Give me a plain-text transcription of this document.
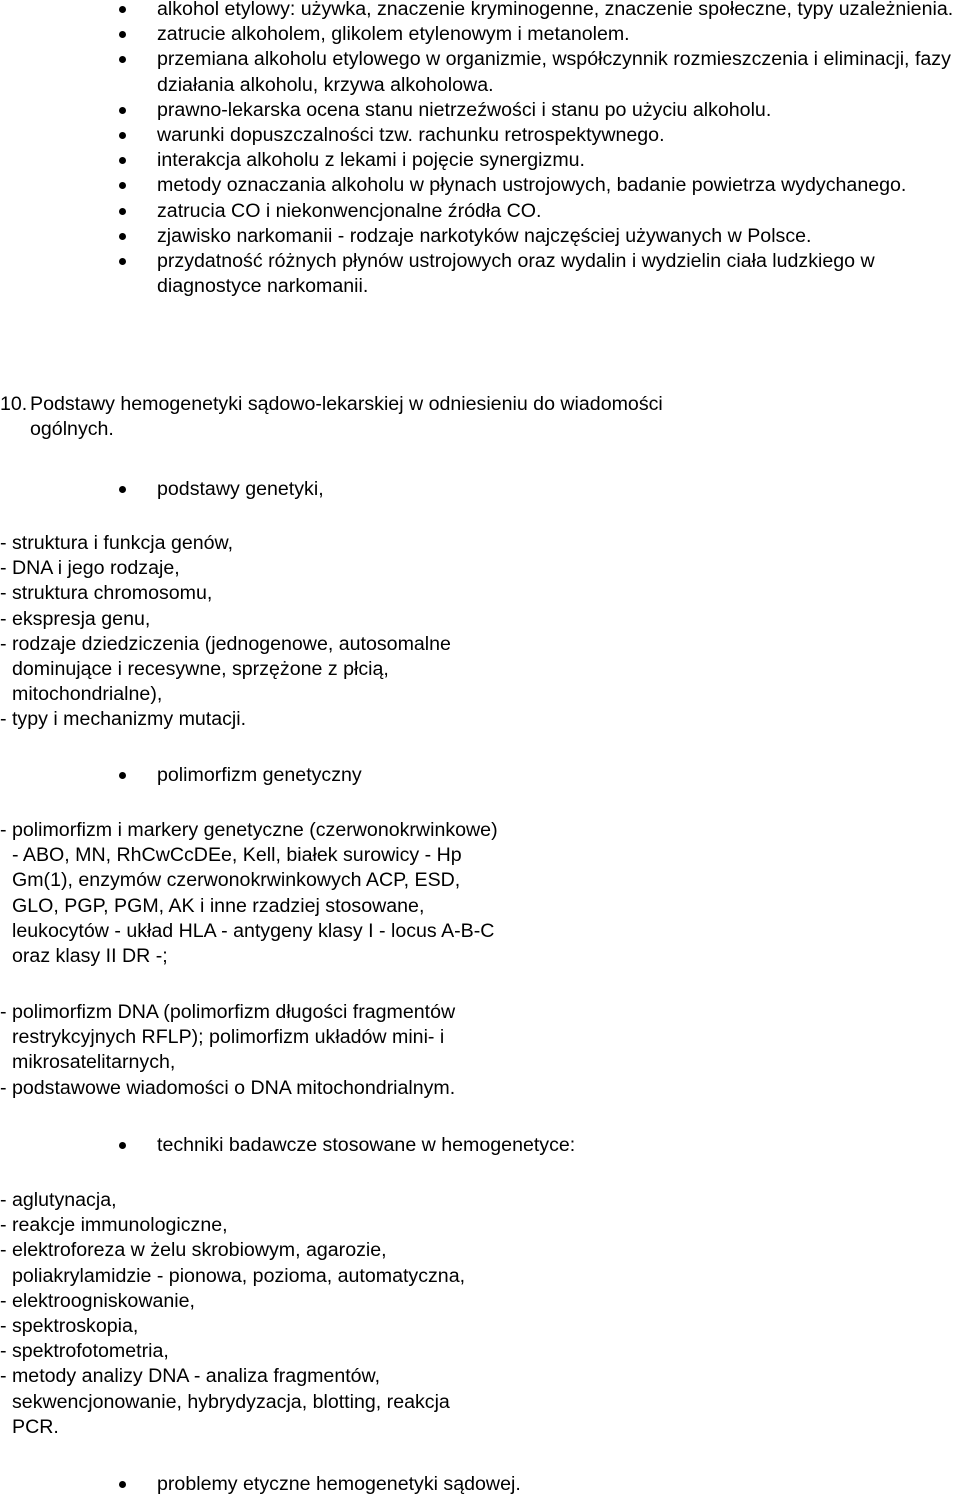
alkohol etylowy: używka, znaczenie kryminogenne, znaczenie społeczne, typy uzależnienia.
zatrucie alkoholem, glikolem etylenowym i metanolem.
przemiana alkoholu etylowego w organizmie, współczynnik rozmieszczenia i eliminacji, fazy działania alkoholu, krzywa alkoholowa.
prawno-lekarska ocena stanu nietrzeźwości i stanu po użyciu alkoholu.
warunki dopuszczalności tzw. rachunku retrospektywnego.
interakcja alkoholu z lekami i pojęcie synergizmu.
metody oznaczania alkoholu w płynach ustrojowych, badanie powietrza wydychanego.
zatrucia CO i niekonwencjonalne źródła CO.
zjawisko narkomanii - rodzaje narkotyków najczęściej używanych w Polsce.
przydatność różnych płynów ustrojowych oraz wydalin i wydzielin ciała ludzkiego w diagnostyce narkomanii.
10. Podstawy hemogenetyki sądowo-lekarskiej w odniesieniu do wiadomości
ogólnych.
podstawy genetyki,
- struktura i funkcja genów,
- DNA i jego rodzaje,
- struktura chromosomu,
- ekspresja genu,
- rodzaje dziedziczenia (jednogenowe, autosomalne
dominujące i recesywne, sprzężone z płcią,
mitochondrialne),
- typy i mechanizmy mutacji.
polimorfizm genetyczny
- polimorfizm i markery genetyczne (czerwonokrwinkowe)
- ABO, MN, RhCwCcDEe, Kell, białek surowicy - Hp
Gm(1), enzymów czerwonokrwinkowych ACP, ESD,
GLO, PGP, PGM, AK i inne rzadziej stosowane,
leukocytów - układ HLA - antygeny klasy I - locus A-B-C
oraz klasy II DR -;
- polimorfizm DNA (polimorfizm długości fragmentów
restrykcyjnych RFLP); polimorfizm układów mini- i
mikrosatelitarnych,
- podstawowe wiadomości o DNA mitochondrialnym.
techniki badawcze stosowane w hemogenetyce:
- aglutynacja,
- reakcje immunologiczne,
- elektroforeza w żelu skrobiowym, agarozie,
poliakrylamidzie - pionowa, pozioma, automatyczna,
- elektroogniskowanie,
- spektroskopia,
- spektrofotometria,
- metody analizy DNA - analiza fragmentów,
sekwencjonowanie, hybrydyzacja, blotting, reakcja
PCR.
problemy etyczne hemogenetyki sądowej.
